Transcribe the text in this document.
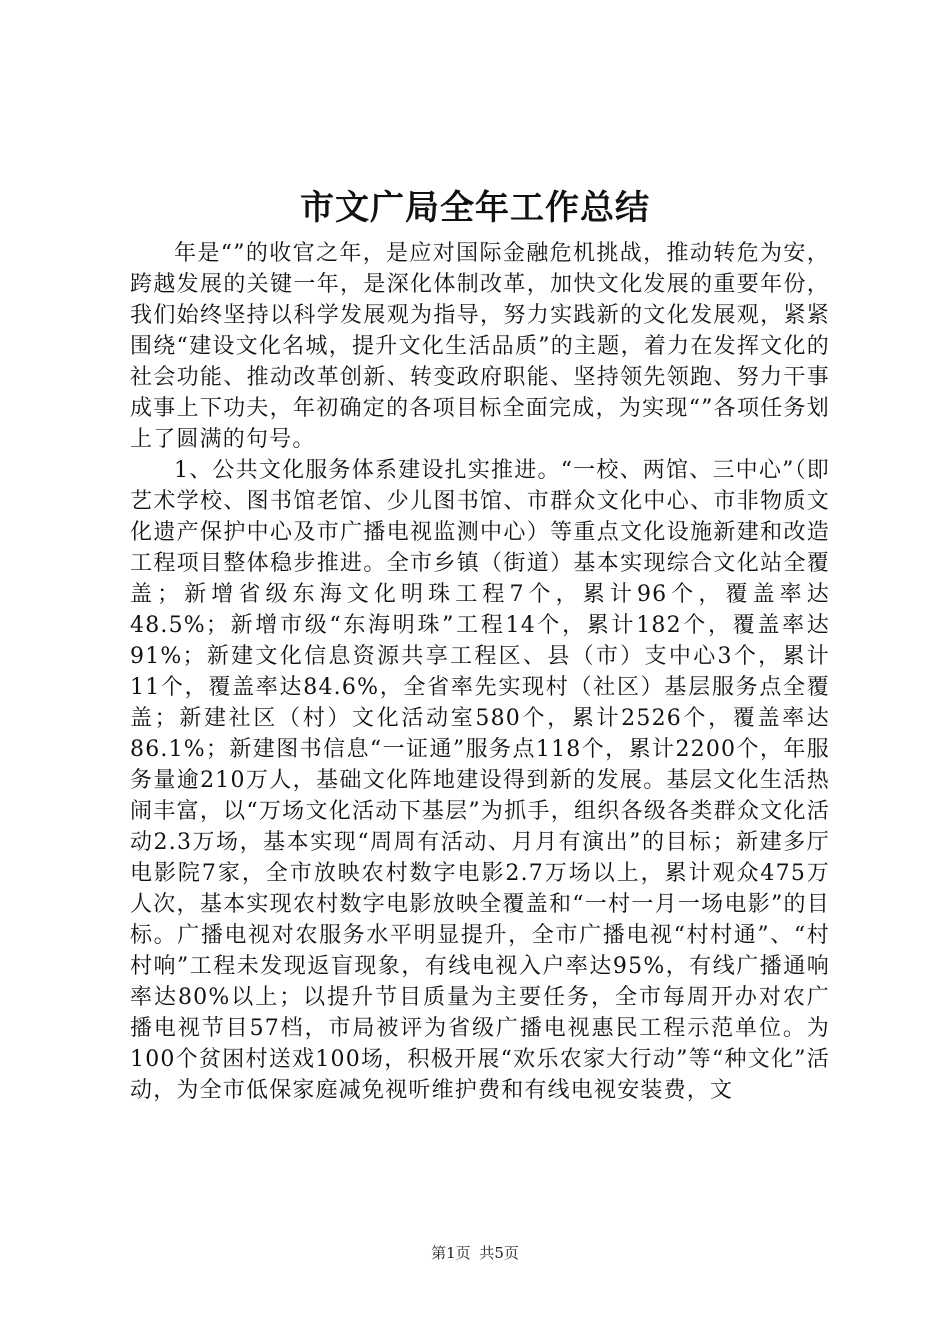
市文广局全年工作总结

年是“”的收官之年，是应对国际金融危机挑战，推动转危为安，跨越发展的关键一年，是深化体制改革，加快文化发展的重要年份，我们始终坚持以科学发展观为指导，努力实践新的文化发展观，紧紧围绕“建设文化名城，提升文化生活品质”的主题，着力在发挥文化的社会功能、推动改革创新、转变政府职能、坚持领先领跑、努力干事成事上下功夫，年初确定的各项目标全面完成，为实现“”各项任务划上了圆满的句号。

1、公共文化服务体系建设扎实推进。“一校、两馆、三中心”（即艺术学校、图书馆老馆、少儿图书馆、市群众文化中心、市非物质文化遗产保护中心及市广播电视监测中心）等重点文化设施新建和改造工程项目整体稳步推进。全市乡镇（街道）基本实现综合文化站全覆盖；新增省级东海文化明珠工程7个，累计96个，覆盖率达48.5%；新增市级“东海明珠”工程14个，累计182个，覆盖率达91%；新建文化信息资源共享工程区、县（市）支中心3个，累计11个，覆盖率达84.6%，全省率先实现村（社区）基层服务点全覆盖；新建社区（村）文化活动室580个，累计2526个，覆盖率达86.1%；新建图书信息“一证通”服务点118个，累计2200个，年服务量逾210万人，基础文化阵地建设得到新的发展。基层文化生活热闹丰富，以“万场文化活动下基层”为抓手，组织各级各类群众文化活动2.3万场，基本实现“周周有活动、月月有演出”的目标；新建多厅电影院7家，全市放映农村数字电影2.7万场以上，累计观众475万人次，基本实现农村数字电影放映全覆盖和“一村一月一场电影”的目标。广播电视对农服务水平明显提升，全市广播电视“村村通”、“村村响”工程未发现返盲现象，有线电视入户率达95%，有线广播通响率达80%以上；以提升节目质量为主要任务，全市每周开办对农广播电视节目57档，市局被评为省级广播电视惠民工程示范单位。为100个贫困村送戏100场，积极开展“欢乐农家大行动”等“种文化”活动，为全市低保家庭减免视听维护费和有线电视安装费，文

第1页 共5页
